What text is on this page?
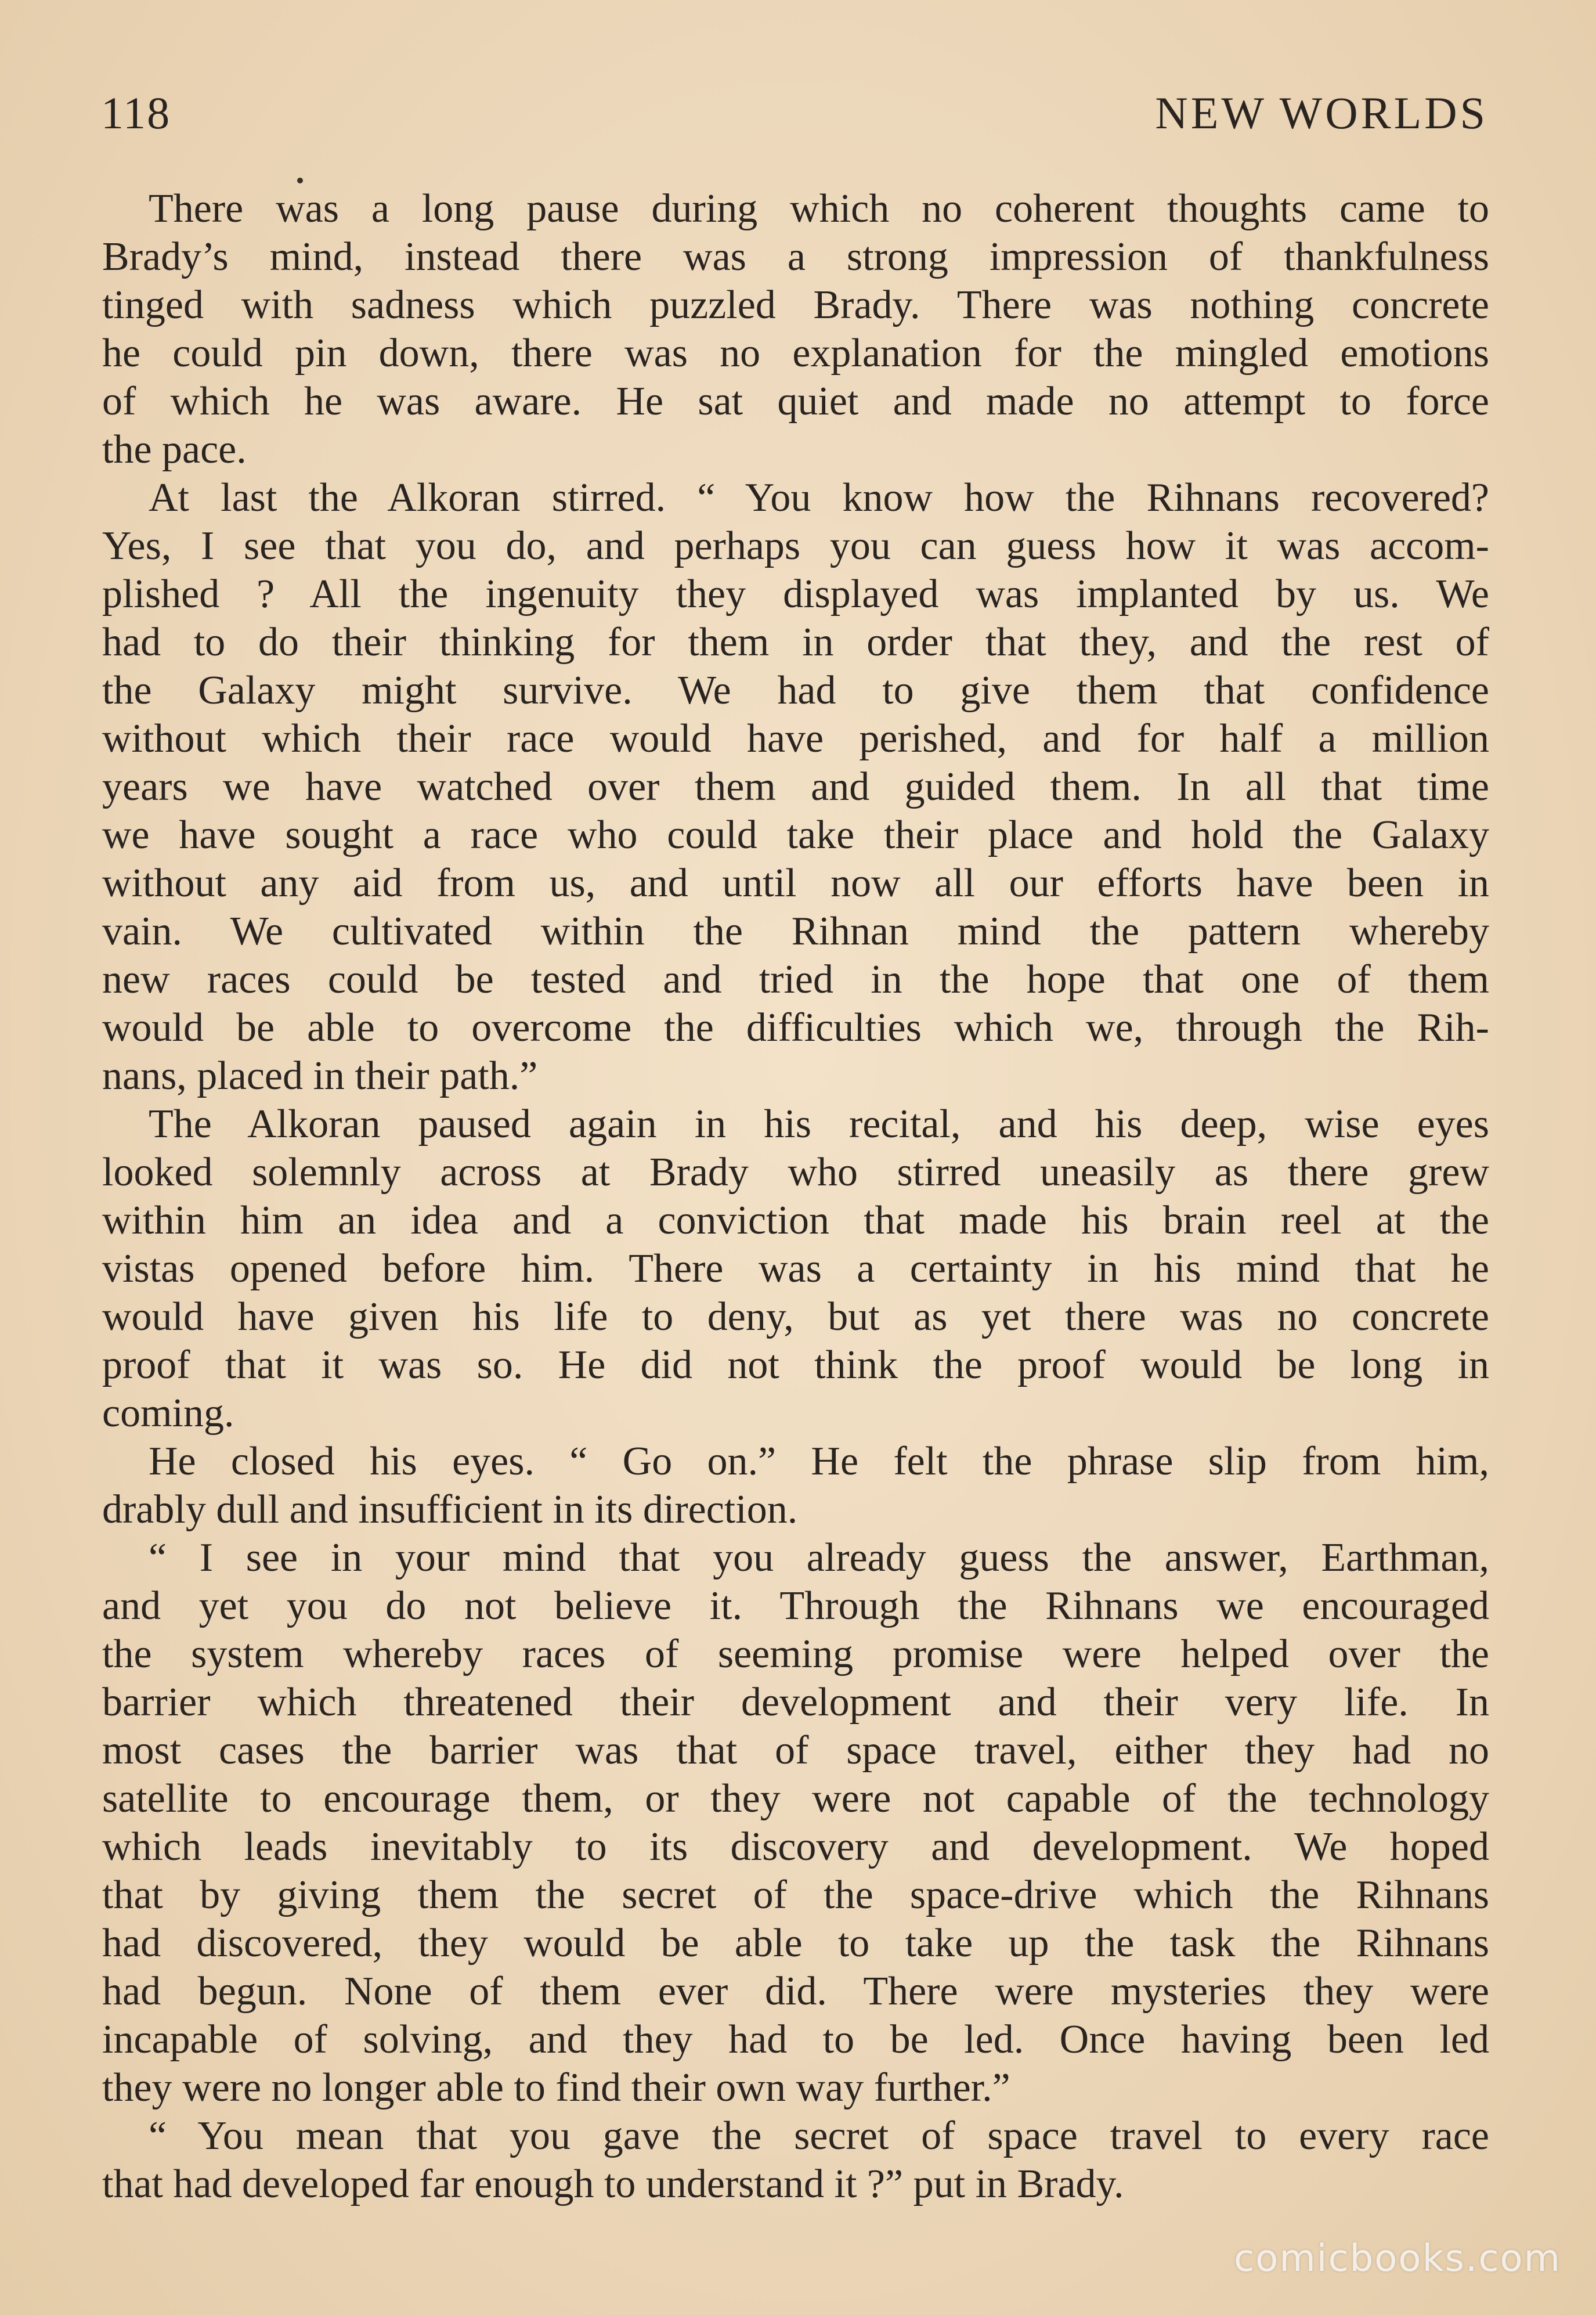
118	NEW WORLDS
There was a long pause during which no coherent thoughts came to
Brady’s mind, instead there was a strong impression of thankfulness
tinged with sadness which puzzled Brady. There was nothing concrete
he could pin down, there was no explanation for the mingled emotions
of which he was aware. He sat quiet and made no attempt to force
the pace.
At last the Alkoran stirred. “ You know how the Rihnans recovered?
Yes, I see that you do, and perhaps you can guess how it was accom-
plished ? All the ingenuity they displayed was implanted by us. We
had to do their thinking for them in order that they, and the rest of
the Galaxy might survive. We had to give them that confidence
without which their race would have perished, and for half a million
years we have watched over them and guided them. In all that time
we have sought a race who could take their place and hold the Galaxy
without any aid from us, and until now all our efforts have been in
vain. We cultivated within the Rihnan mind the pattern whereby
new races could be tested and tried in the hope that one of them
would be able to overcome the difficulties which we, through the Rih-
nans, placed in their path.”
The Alkoran paused again in his recital, and his deep, wise eyes
looked solemnly across at Brady who stirred uneasily as there grew
within him an idea and a conviction that made his brain reel at the
vistas opened before him. There was a certainty in his mind that he
would have given his life to deny, but as yet there was no concrete
proof that it was so. He did not think the proof would be long in
coming.
He closed his eyes. “ Go on.” He felt the phrase slip from him,
drably dull and insufficient in its direction.
“ I see in your mind that you already guess the answer, Earthman,
and yet you do not believe it. Through the Rihnans we encouraged
the system whereby races of seeming promise were helped over the
barrier which threatened their development and their very life. In
most cases the barrier was that of space travel, either they had no
satellite to encourage them, or they were not capable of the technology
which leads inevitably to its discovery and development. We hoped
that by giving them the secret of the space-drive which the Rihnans
had discovered, they would be able to take up the task the Rihnans
had begun. None of them ever did. There were mysteries they were
incapable of solving, and they had to be led. Once having been led
they were no longer able to find their own way further.”
“ You mean that you gave the secret of space travel to every race
that had developed far enough to understand it ?” put in Brady.
comicbooks.com
